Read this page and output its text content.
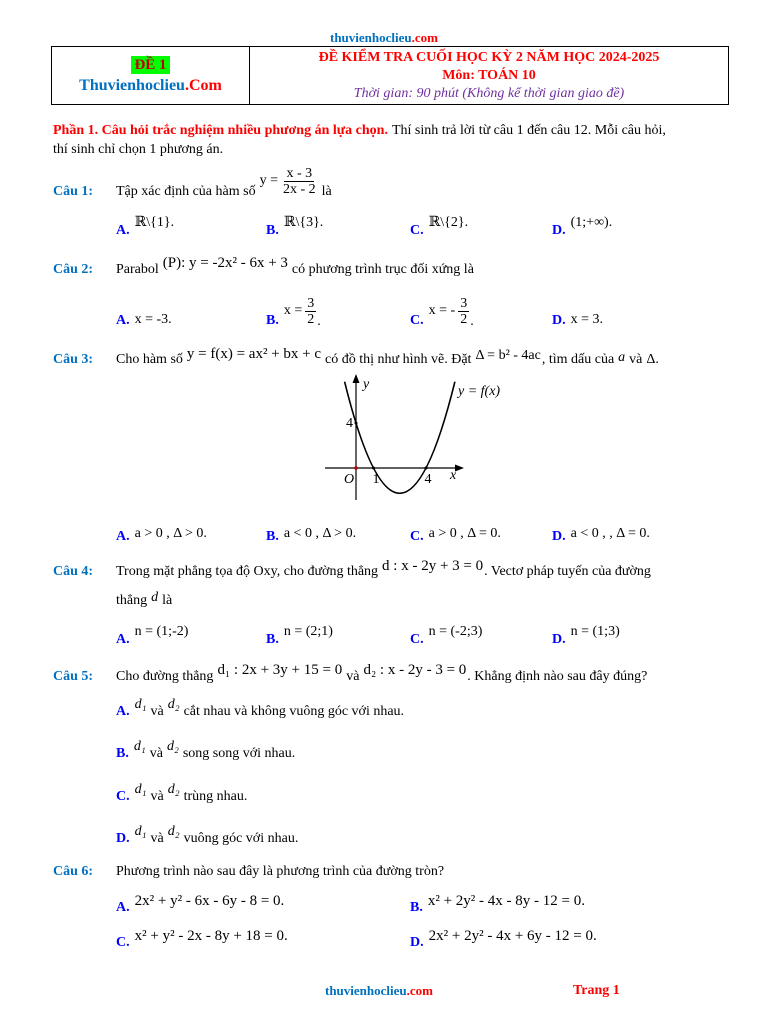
thuvienhoclieu .com
ĐỀ 1
Thuvienhoclieu.Com
ĐỀ KIỂM TRA CUỐI HỌC KỲ 2 NĂM HỌC 2024-2025
Môn: TOÁN 10
Thời gian: 90 phút (Không kể thời gian giao đề)
Phần 1. Câu hỏi trắc nghiệm nhiều phương án lựa chọn. Thí sinh trả lời từ câu 1 đến câu 12. Mỗi câu hỏi,
thí sinh chỉ chọn 1 phương án.
Câu 1:	Tập xác định của hàm số
$y = \frac{x - 3}{2x - 2}$ là
A.
ℝ\{1}.
B.
ℝ\{3}.
C.
ℝ\{2}.
D.
(1;+∞).
Câu 2:	Parabol (P): y = -2x² - 6x + 3 có phương trình trục đối xứng là
A. x = -3.	B.
$x = \frac{3}{2}$ .	C.
x = - $\frac{3}{2}$ .	D. x = 3.
Câu 3:	Cho hàm số y = f(x) = ax² + bx + c có đồ thị như hình vẽ. Đặt Δ = b² - 4ac , tìm dấu của a và Δ.
y
4
y = f(x)
O 1	4 x
A. a > 0 , Δ > 0.	B. a < 0 , Δ > 0.	C. a > 0 , Δ = 0.	D. a < 0 , , Δ = 0.
Câu 4:	Trong mặt phẳng tọa độ Oxy, cho đường thẳng d : x - 2y + 3 = 0 . Vectơ pháp tuyến của đường
thẳng d là
A.
n = (1;-2)
B.
n = (2;1)
C.
n = (-2;3)
D.
n = (1;3)
Câu 5:	Cho đường thẳng d₁ : 2x + 3y + 15 = 0 và d₂ : x - 2y - 3 = 0 . Khẳng định nào sau đây đúng?
A. d₁ và d₂ cắt nhau và không vuông góc với nhau.
B. d₁ và d₂ song song với nhau.
C. d₁ và d₂ trùng nhau.
D. d₁ và d₂ vuông góc với nhau.
Câu 6:	Phương trình nào sau đây là phương trình của đường tròn?
A. 2x² + y² - 6x - 6y - 8 = 0.	B. x² + 2y² - 4x - 8y - 12 = 0.
C. x² + y² - 2x - 8y + 18 = 0.	D. 2x² + 2y² - 4x + 6y - 12 = 0.
thuvienhoclieu .com	Trang 1
